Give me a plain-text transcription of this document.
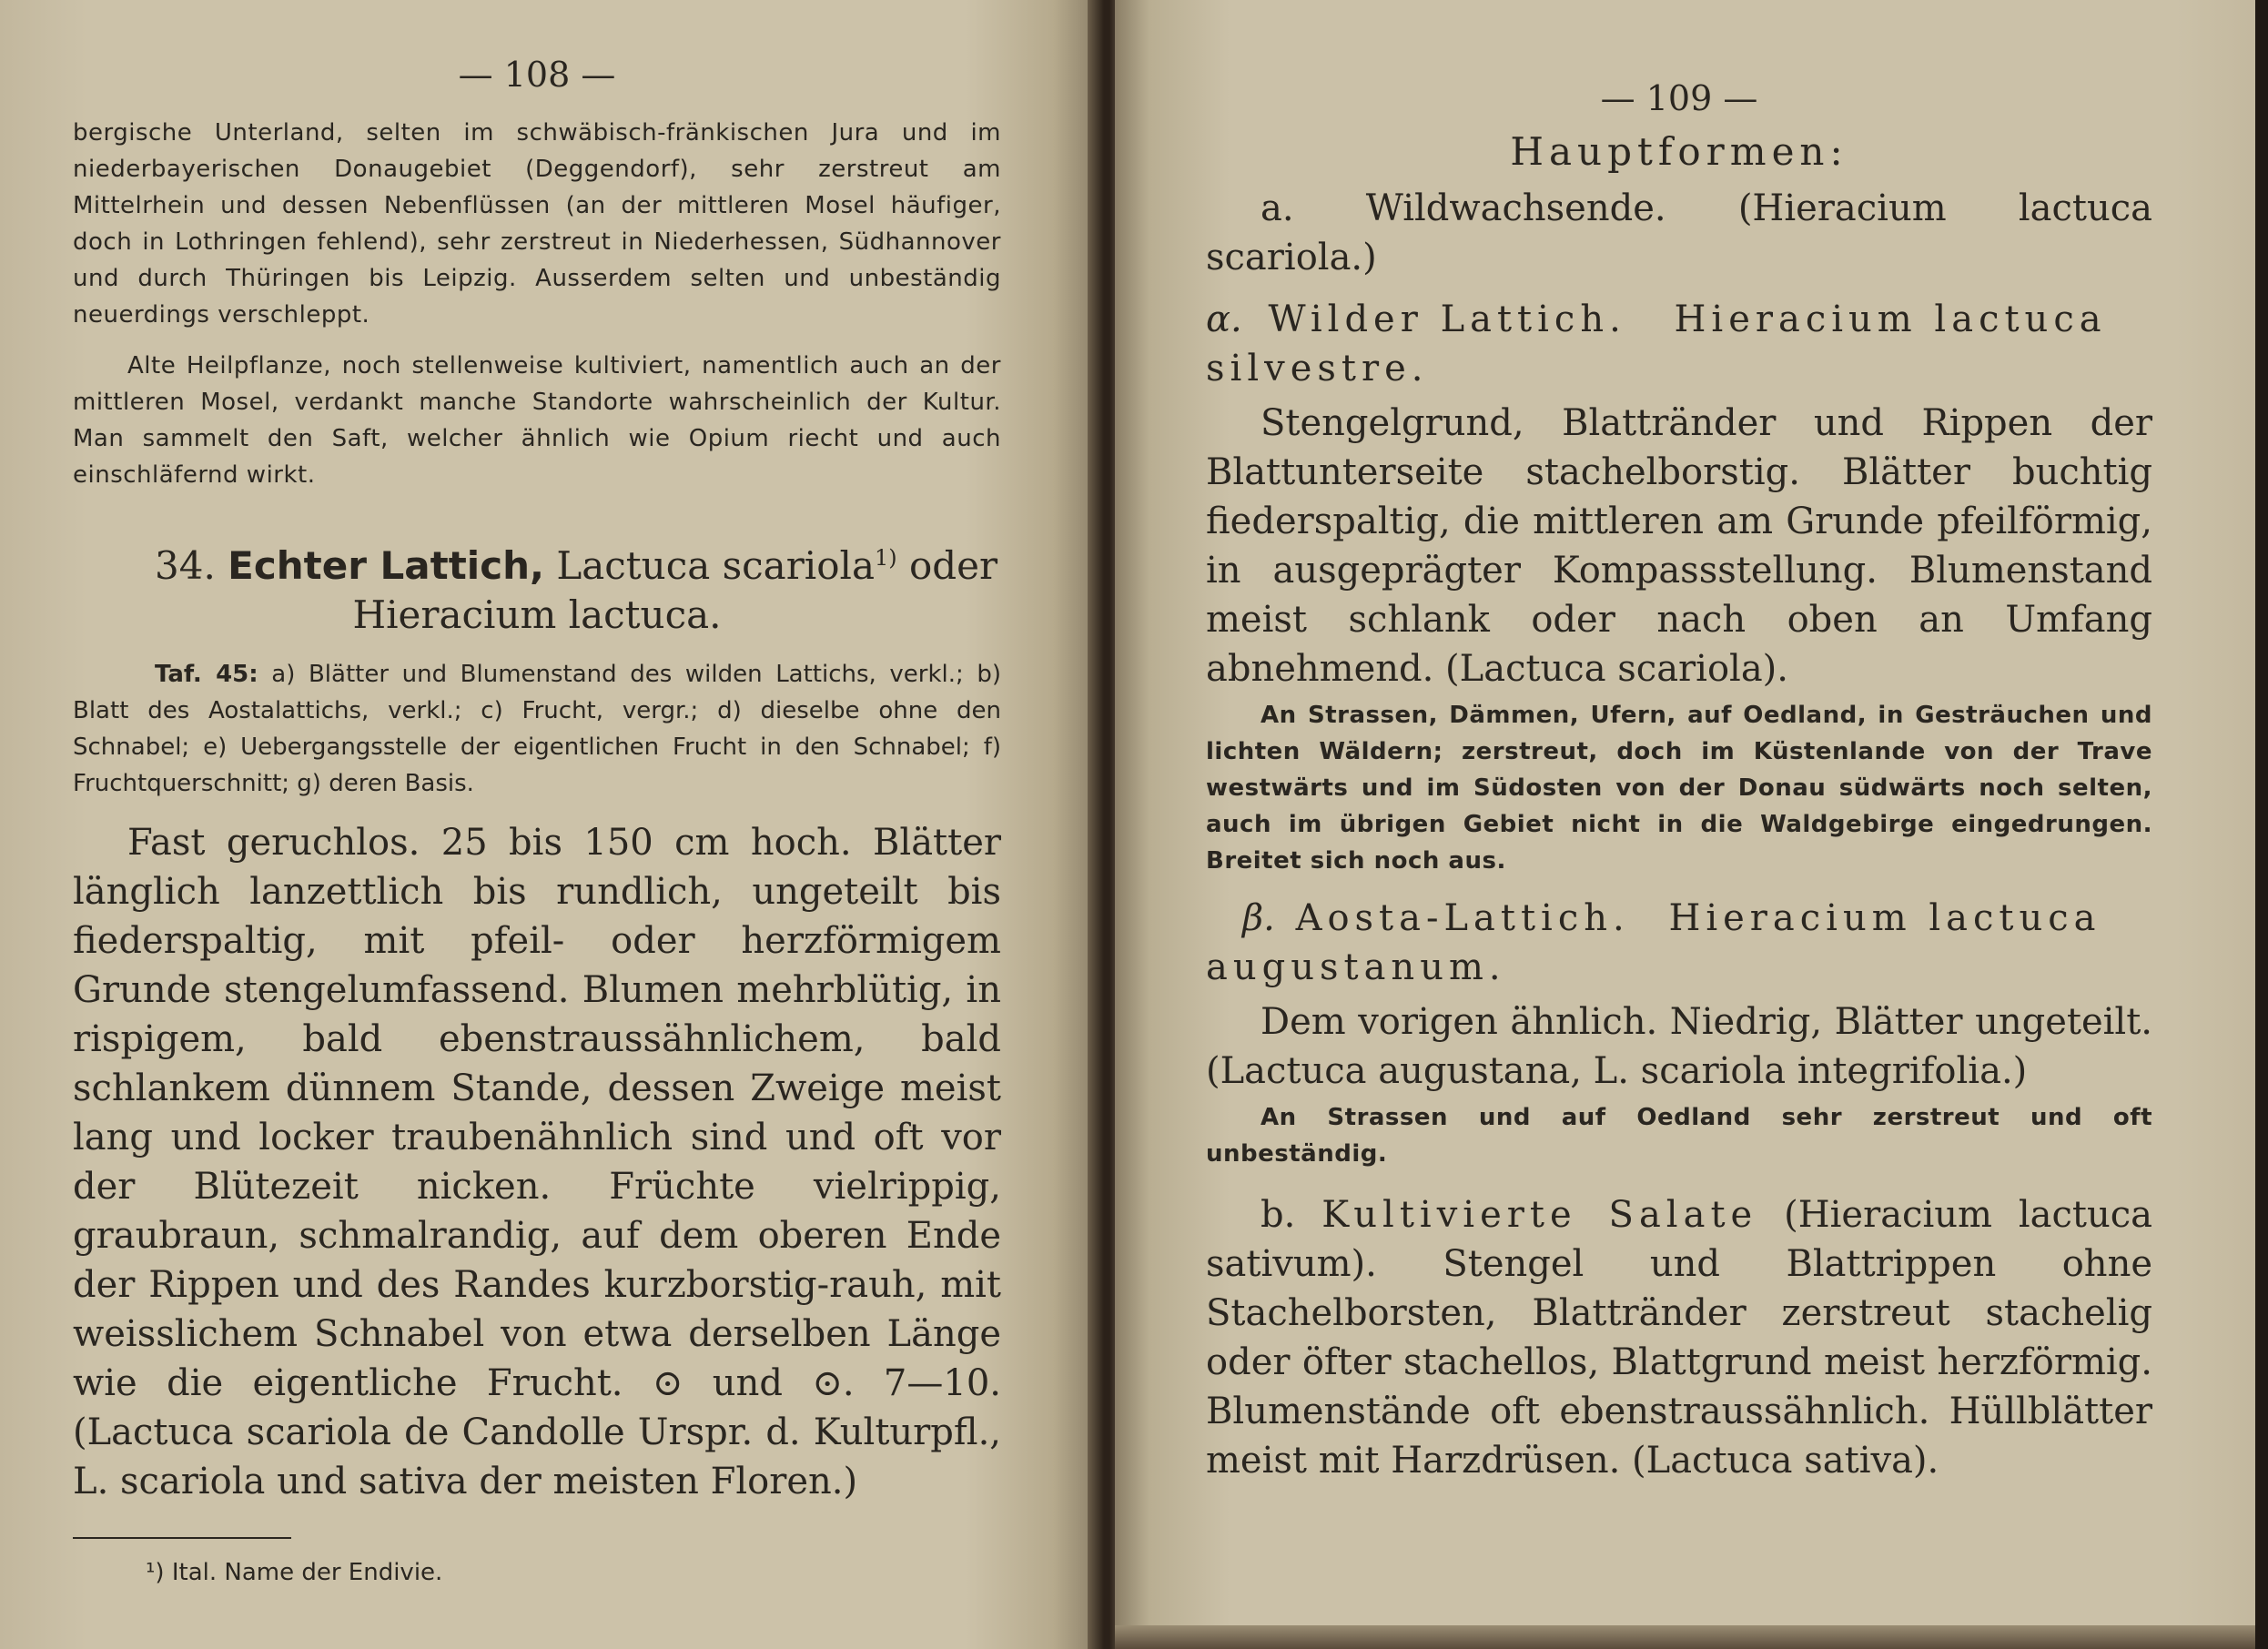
— 108 —

bergische Unterland, selten im schwäbisch-fränkischen Jura und im niederbayerischen Donaugebiet (Deggendorf), sehr zerstreut am Mittelrhein und dessen Nebenflüssen (an der mittleren Mosel häufiger, doch in Lothringen fehlend), sehr zerstreut in Niederhessen, Südhannover und durch Thüringen bis Leipzig. Ausserdem selten und unbeständig neuerdings verschleppt.

Alte Heilpflanze, noch stellenweise kultiviert, namentlich auch an der mittleren Mosel, verdankt manche Standorte wahrscheinlich der Kultur. Man sammelt den Saft, welcher ähnlich wie Opium riecht und auch einschläfernd wirkt.

34. Echter Lattich, Lactuca scariola$^{1)}$ oder

Hieracium lactuca.

Taf. 45: a) Blätter und Blumenstand des wilden Lattichs, verkl.; b) Blatt des Aostalattichs, verkl.; c) Frucht, vergr.; d) dieselbe ohne den Schnabel; e) Uebergangsstelle der eigentlichen Frucht in den Schnabel; f) Fruchtquerschnitt; g) deren Basis.

Fast geruchlos. 25 bis 150 cm hoch. Blätter länglich lanzettlich bis rundlich, ungeteilt bis fiederspaltig, mit pfeil- oder herzförmigem Grunde stengelumfassend. Blumen mehrblütig, in rispigem, bald ebenstraussähnlichem, bald schlankem dünnem Stande, dessen Zweige meist lang und locker traubenähnlich sind und oft vor der Blütezeit nicken. Früchte vielrippig, graubraun, schmalrandig, auf dem oberen Ende der Rippen und des Randes kurzborstig-rauh, mit weisslichem Schnabel von etwa derselben Länge wie die eigentliche Frucht. ⊙ und ⊙. 7—10. (Lactuca scariola de Candolle Urspr. d. Kulturpfl., L. scariola und sativa der meisten Floren.)

¹) Ital. Name der Endivie.

— 109 —

Hauptformen:

a. Wildwachsende. (Hieracium lactuca scariola.)

α. Wilder Lattich. Hieracium lactuca silvestre.

Stengelgrund, Blattränder und Rippen der Blattunterseite stachelborstig. Blätter buchtig fiederspaltig, die mittleren am Grunde pfeilförmig, in ausgeprägter Kompassstellung. Blumenstand meist schlank oder nach oben an Umfang abnehmend. (Lactuca scariola).

An Strassen, Dämmen, Ufern, auf Oedland, in Gesträuchen und lichten Wäldern; zerstreut, doch im Küstenlande von der Trave westwärts und im Südosten von der Donau südwärts noch selten, auch im übrigen Gebiet nicht in die Waldgebirge eingedrungen. Breitet sich noch aus.

β. Aosta-Lattich. Hieracium lactuca augustanum.

Dem vorigen ähnlich. Niedrig, Blätter ungeteilt. (Lactuca augustana, L. scariola integrifolia.)

An Strassen und auf Oedland sehr zerstreut und oft unbeständig.

b. Kultivierte Salate (Hieracium lactuca sativum). Stengel und Blattrippen ohne Stachelborsten, Blattränder zerstreut stachelig oder öfter stachellos, Blattgrund meist herzförmig. Blumenstände oft ebenstraussähnlich. Hüllblätter meist mit Harzdrüsen. (Lactuca sativa).
